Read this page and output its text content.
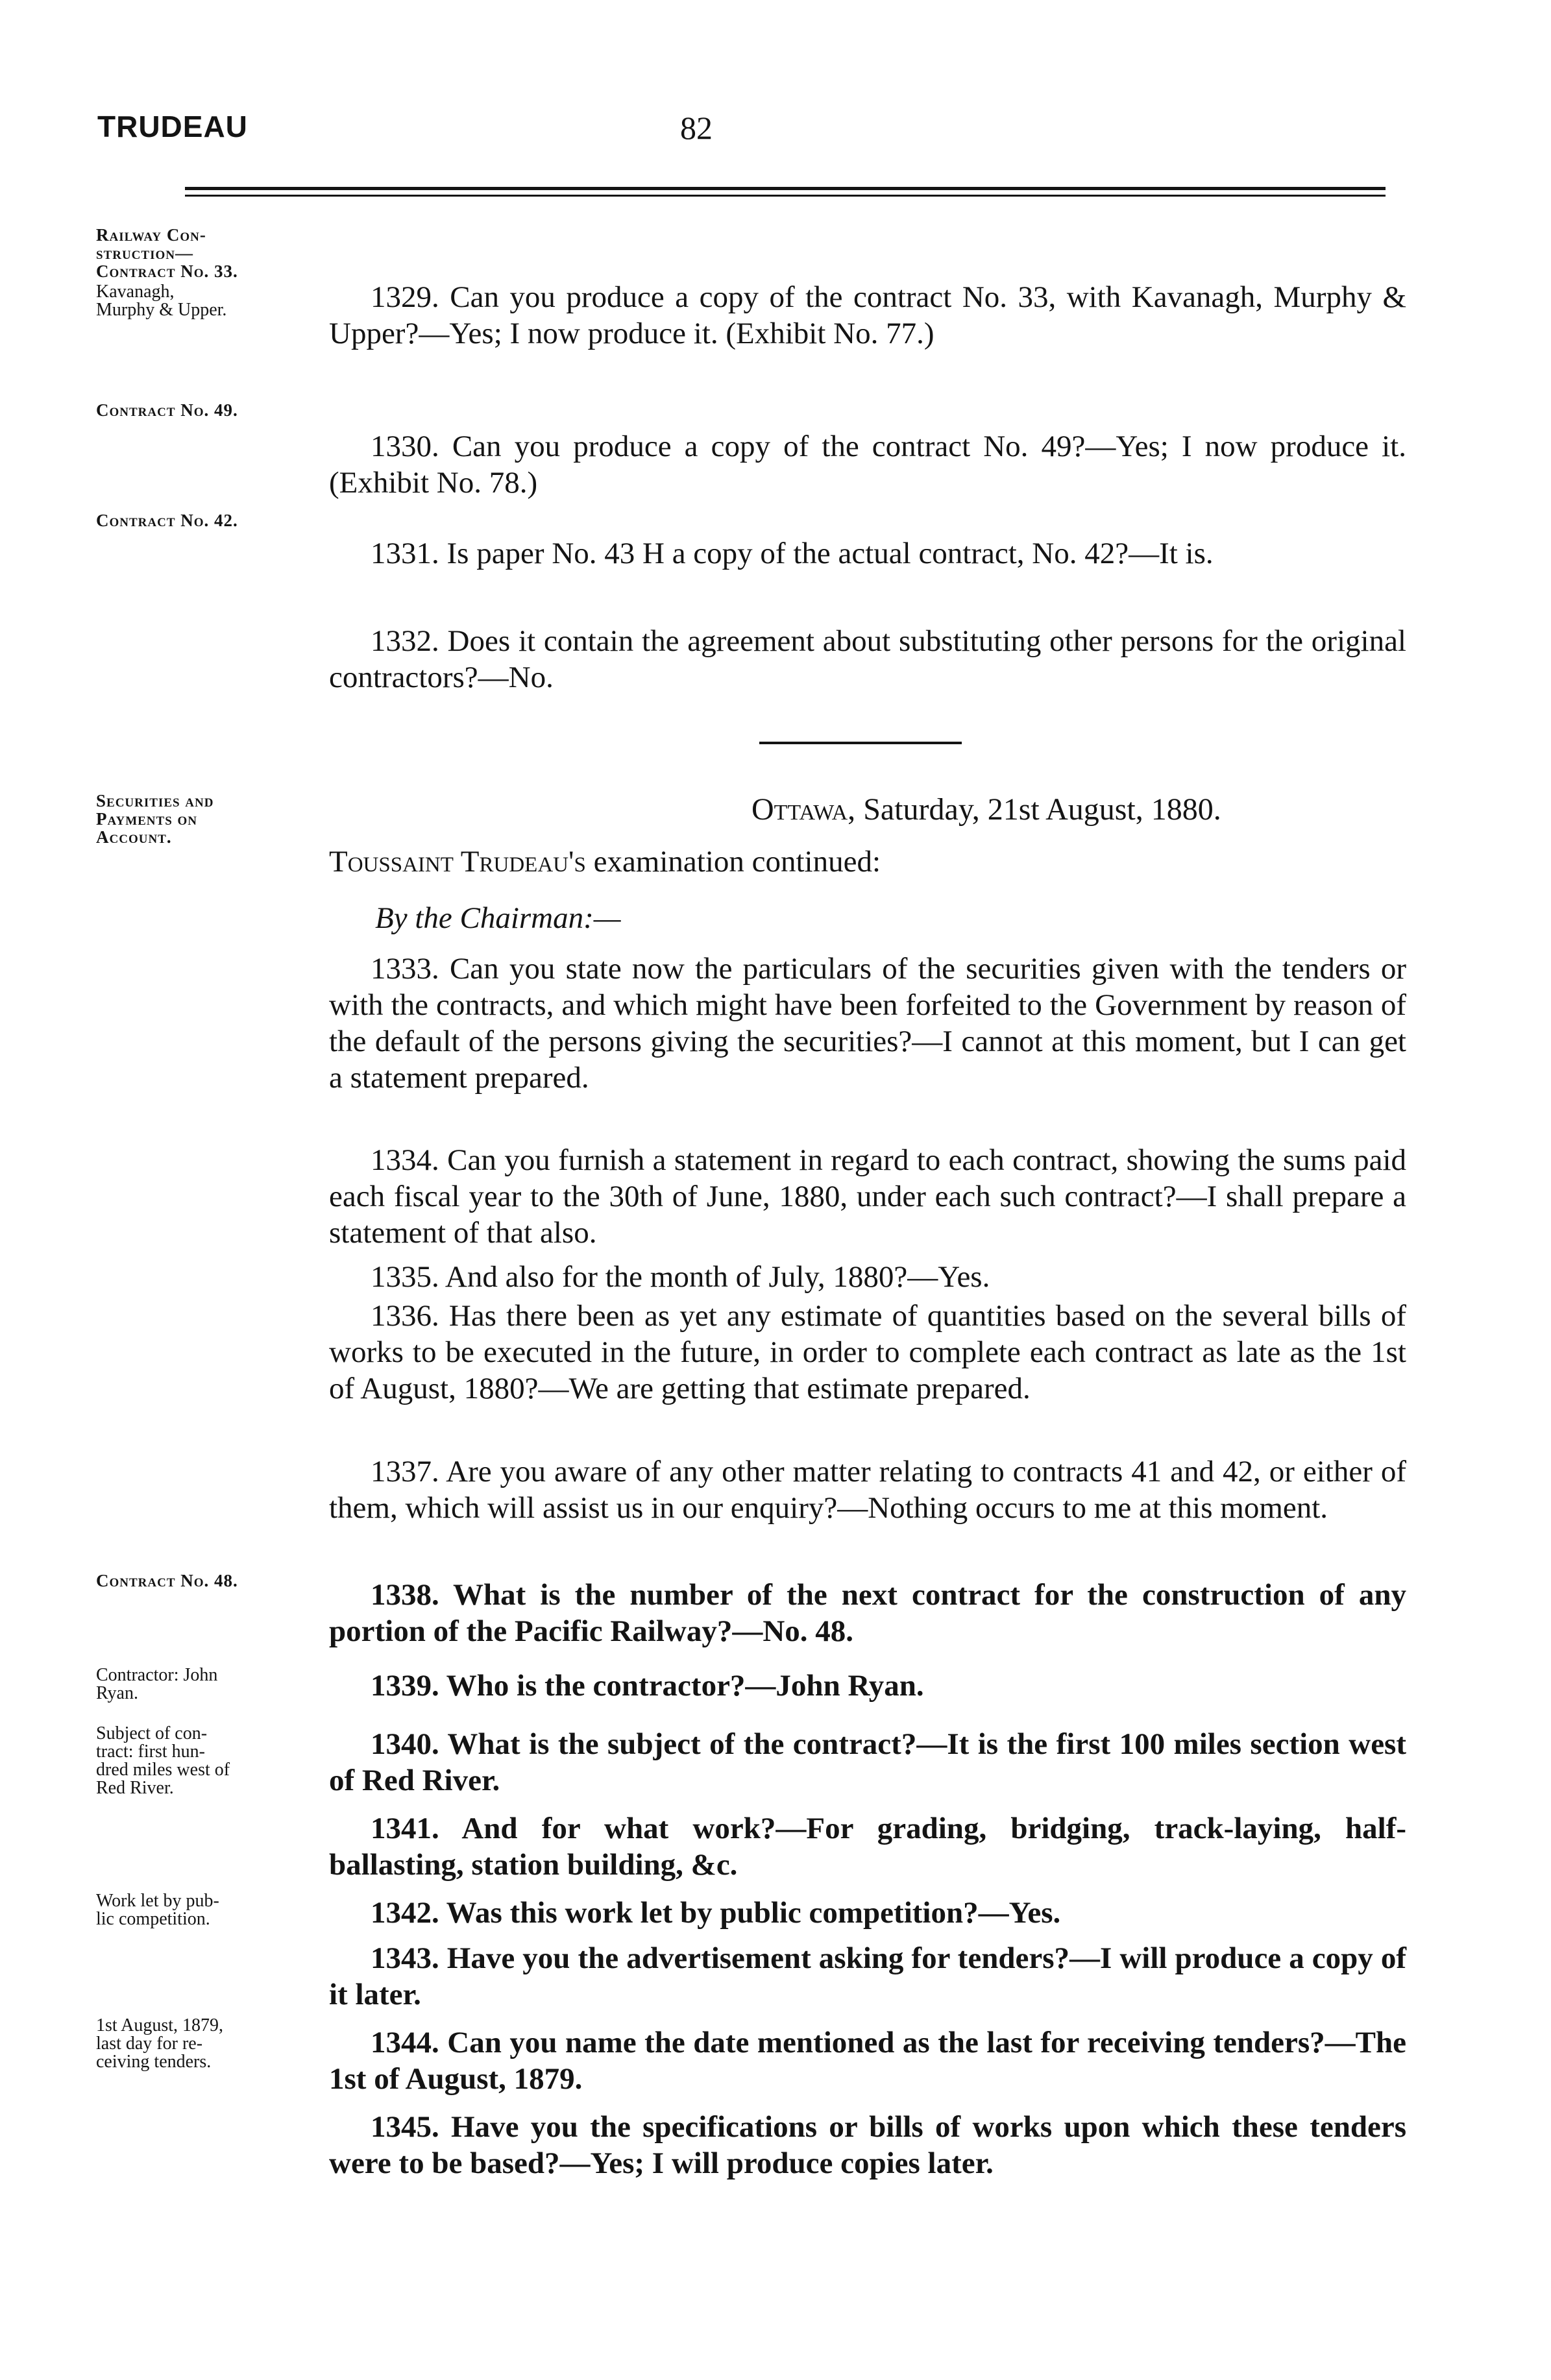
TRUDEAU	82
Railway Con-
struction—
Contract No. 33.
Kavanagh,
Murphy & Upper.
Contract No. 49.
Contract No. 42.
Securities and
Payments on
Account.
Contract No. 48.
Contractor: John
Ryan.
Subject of con-
tract: first hun-
dred miles west of
Red River.
Work let by pub-
lic competition.
1st August, 1879,
last day for re-
ceiving tenders.
1329. Can you produce a copy of the contract No. 33, with Kavanagh, Murphy & Upper?—Yes; I now produce it. (Exhibit No. 77.)
1330. Can you produce a copy of the contract No. 49?—Yes; I now produce it. (Exhibit No. 78.)
1331. Is paper No. 43 H a copy of the actual contract, No. 42?—It is.
1332. Does it contain the agreement about substituting other persons for the original contractors?—No.
Ottawa, Saturday, 21st August, 1880.
Toussaint Trudeau's examination continued:
By the Chairman:—
1333. Can you state now the particulars of the securities given with the tenders or with the contracts, and which might have been forfeited to the Government by reason of the default of the persons giving the securities?—I cannot at this moment, but I can get a statement prepared.
1334. Can you furnish a statement in regard to each contract, showing the sums paid each fiscal year to the 30th of June, 1880, under each such contract?—I shall prepare a statement of that also.
1335. And also for the month of July, 1880?—Yes.
1336. Has there been as yet any estimate of quantities based on the several bills of works to be executed in the future, in order to complete each contract as late as the 1st of August, 1880?—We are getting that estimate prepared.
1337. Are you aware of any other matter relating to contracts 41 and 42, or either of them, which will assist us in our enquiry?—Nothing occurs to me at this moment.
1338. What is the number of the next contract for the construction of any portion of the Pacific Railway?—No. 48.
1339. Who is the contractor?—John Ryan.
1340. What is the subject of the contract?—It is the first 100 miles section west of Red River.
1341. And for what work?—For grading, bridging, track-laying, half-ballasting, station building, &c.
1342. Was this work let by public competition?—Yes.
1343. Have you the advertisement asking for tenders?—I will produce a copy of it later.
1344. Can you name the date mentioned as the last for receiving tenders?—The 1st of August, 1879.
1345. Have you the specifications or bills of works upon which these tenders were to be based?—Yes; I will produce copies later.
